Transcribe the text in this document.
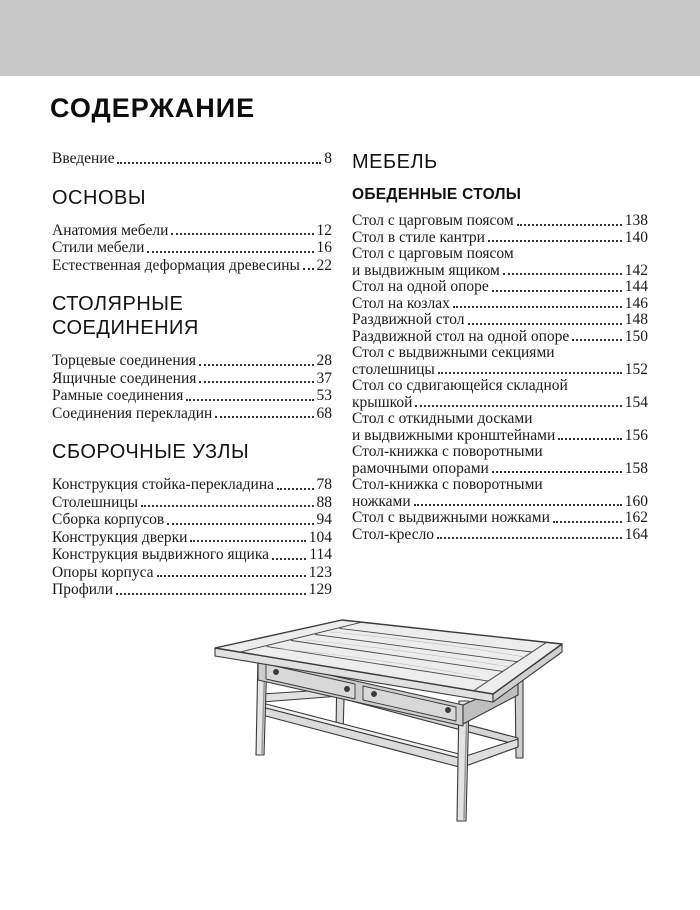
СОДЕРЖАНИЕ
Введение	8
ОСНОВЫ
Анатомия мебели	12
Стили мебели	16
Естественная деформация древесины 22
СТОЛЯРНЫЕ СОЕДИНЕНИЯ
Торцевые соединения	28
Ящичные соединения	37
Рамные соединения	53
Соединения перекладин	68
СБОРОЧНЫЕ УЗЛЫ
Конструкция стойка-перекладина	78
Столешницы	88
Сборка корпусов	94
Конструкция дверки	104
Конструкция выдвижного ящика	114
Опоры корпуса	123
Профили	129
МЕБЕЛЬ
ОБЕДЕННЫЕ СТОЛЫ
Стол с царговым поясом	138
Стол в стиле кантри	140
Стол с царговым поясом
и выдвижным ящиком	142
Стол на одной опоре	144
Стол на козлах	146
Раздвижной стол	148
Раздвижной стол на одной опоре	150
Стол с выдвижными секциями
столешницы	152
Стол со сдвигающейся складной
крышкой	154
Стол с откидными досками
и выдвижными кронштейнами	156
Стол-книжка с поворотными
рамочными опорами	158
Стол-книжка с поворотными
ножками	160
Стол с выдвижными ножками	162
Стол-кресло	164
